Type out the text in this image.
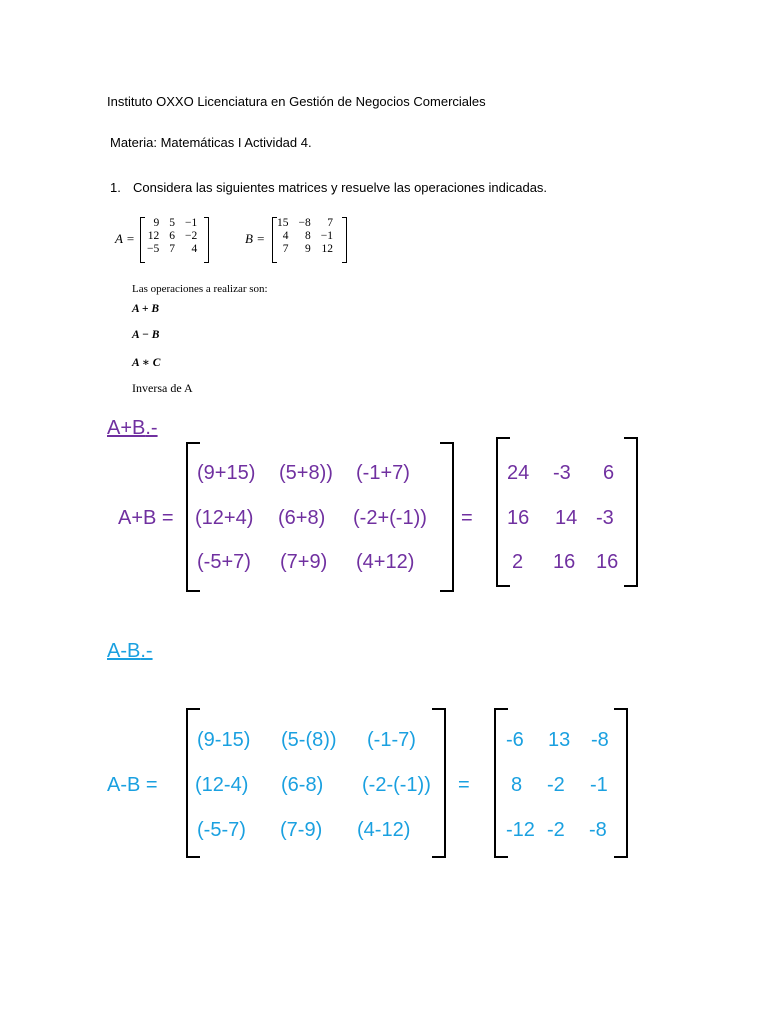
Instituto OXXO Licenciatura en Gestión de Negocios Comerciales
Materia: Matemáticas I Actividad 4.
1. Considera las siguientes matrices y resuelve las operaciones indicadas.
A =
9 5 −1
12 6 −2
−5 7	4
B =
15 −8	7
4	8 −1
7	9 12
Las operaciones a realizar son:
A + B
A − B
A ∗ C
Inversa de A
A+B.-
A+B =
(9+15) (5+8)) (-1+7)
(12+4) (6+8) (-2+(-1))
(-5+7) (7+9) (4+12)
=
24 -3 6
16 14 -3
2 16 16
A-B.-
A-B =
(9-15) (5-(8)) (-1-7)
(12-4) (6-8) (-2-(-1))
(-5-7) (7-9) (4-12)
=
-6 13 -8
8 -2 -1
-12 -2 -8
